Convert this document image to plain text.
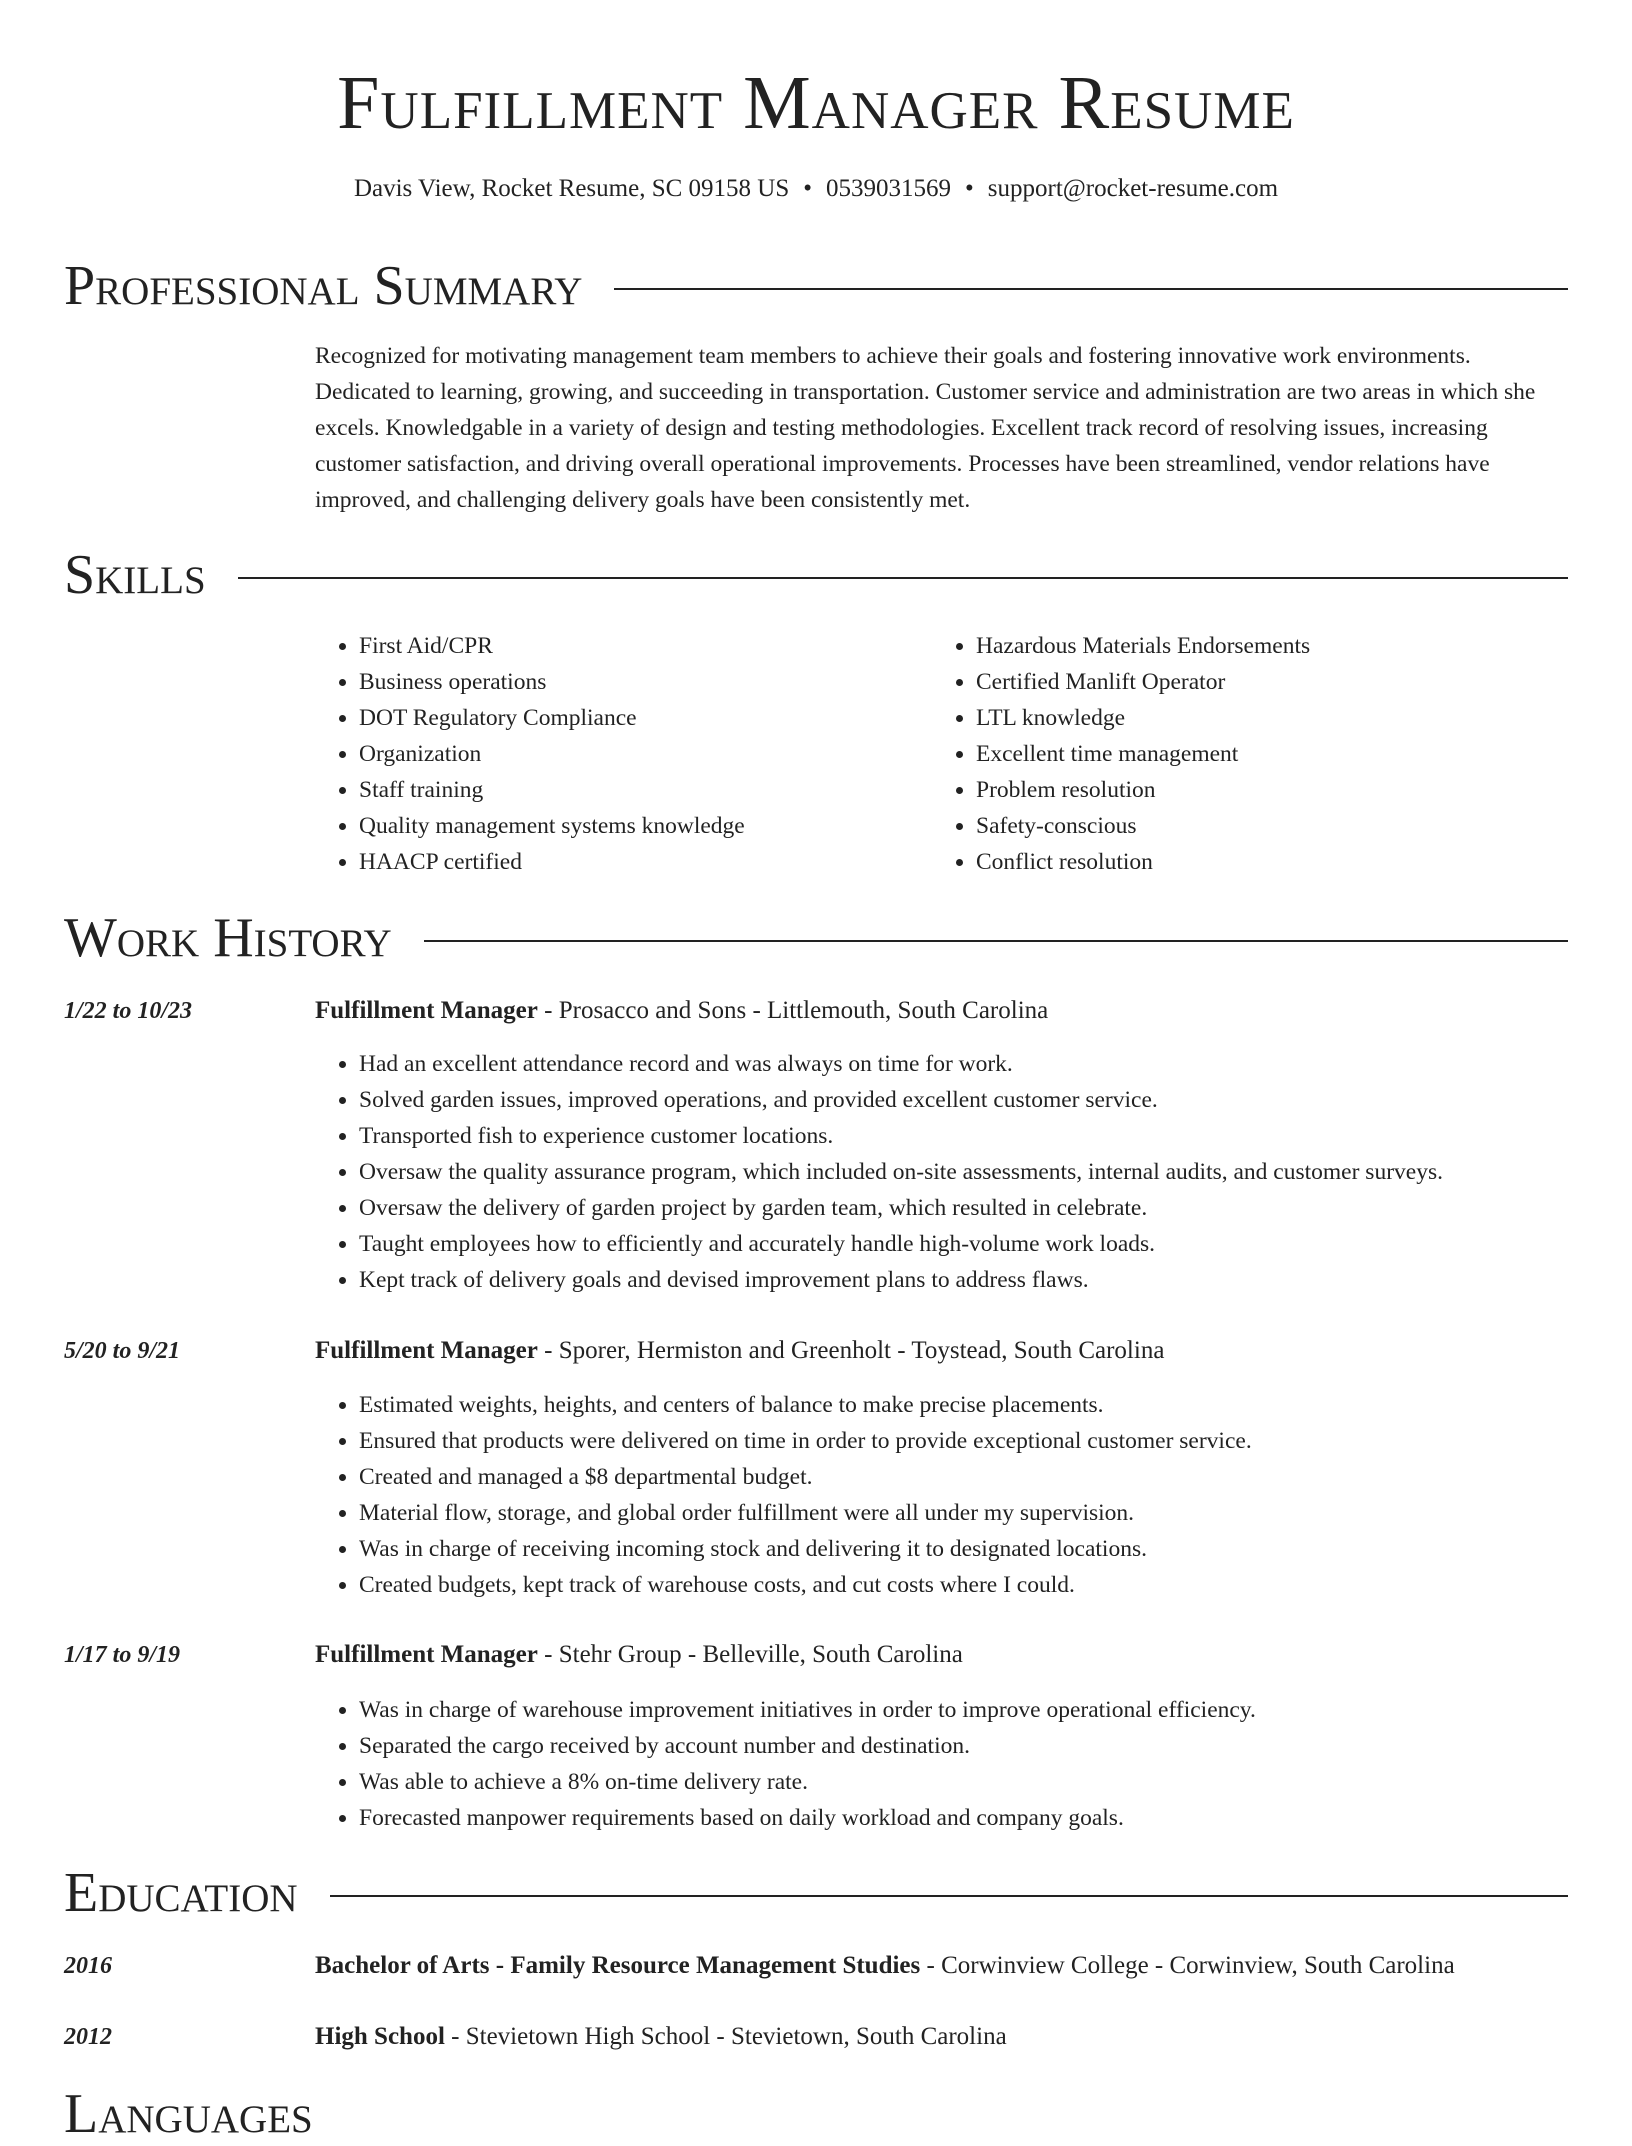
Fulfillment Manager Resume
Davis View, Rocket Resume, SC 09158 US • 0539031569 • support@rocket-resume.com
Professional Summary

Recognized for motivating management team members to achieve their goals and fostering innovative work environments. Dedicated to learning, growing, and succeeding in transportation. Customer service and administration are two areas in which she excels. Knowledgable in a variety of design and testing methodologies. Excellent track record of resolving issues, increasing customer satisfaction, and driving overall operational improvements. Processes have been streamlined, vendor relations have improved, and challenging delivery goals have been consistently met.

Skills
• First Aid/CPR
• Business operations
• DOT Regulatory Compliance
• Organization
• Staff training
• Quality management systems knowledge
• HAACP certified
• Hazardous Materials Endorsements
• Certified Manlift Operator
• LTL knowledge
• Excellent time management
• Problem resolution
• Safety-conscious
• Conflict resolution
Work History
1/22 to 10/23	Fulfillment Manager - Prosacco and Sons - Littlemouth, South Carolina
• Had an excellent attendance record and was always on time for work.
• Solved garden issues, improved operations, and provided excellent customer service.
• Transported fish to experience customer locations.
• Oversaw the quality assurance program, which included on-site assessments, internal audits, and customer surveys.
• Oversaw the delivery of garden project by garden team, which resulted in celebrate.
• Taught employees how to efficiently and accurately handle high-volume work loads.
• Kept track of delivery goals and devised improvement plans to address flaws.
5/20 to 9/21	Fulfillment Manager - Sporer, Hermiston and Greenholt - Toystead, South Carolina
• Estimated weights, heights, and centers of balance to make precise placements.
• Ensured that products were delivered on time in order to provide exceptional customer service.
• Created and managed a $8 departmental budget.
• Material flow, storage, and global order fulfillment were all under my supervision.
• Was in charge of receiving incoming stock and delivering it to designated locations.
• Created budgets, kept track of warehouse costs, and cut costs where I could.
1/17 to 9/19	Fulfillment Manager - Stehr Group - Belleville, South Carolina
• Was in charge of warehouse improvement initiatives in order to improve operational efficiency.
• Separated the cargo received by account number and destination.
• Was able to achieve a 8% on-time delivery rate.
• Forecasted manpower requirements based on daily workload and company goals.
Education
2016	Bachelor of Arts - Family Resource Management Studies - Corwinview College - Corwinview, South Carolina
2012	High School - Stevietown High School - Stevietown, South Carolina
Languages
